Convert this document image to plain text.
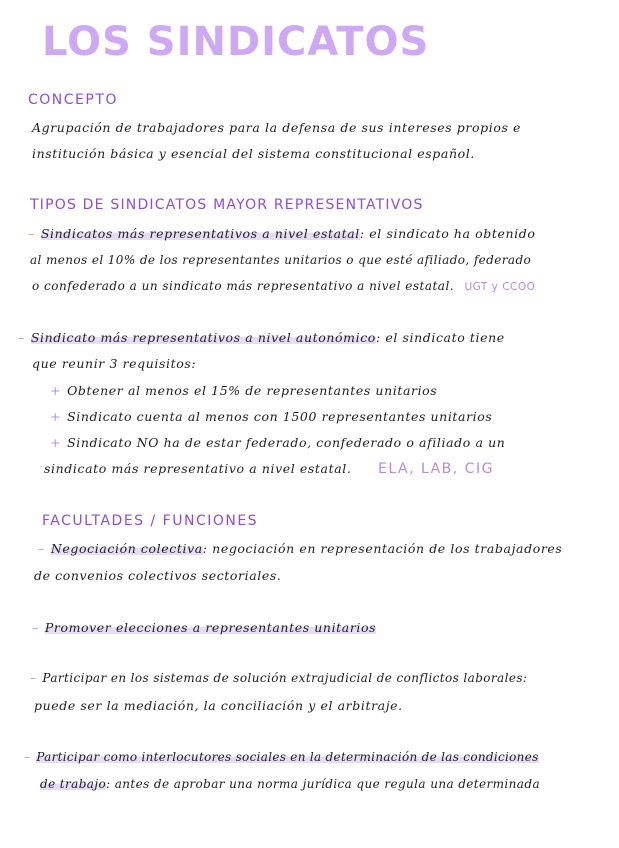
LOS SINDICATOS
CONCEPTO
Agrupación de trabajadores para la defensa de sus intereses propios e
institución básica y esencial del sistema constitucional español.
TIPOS DE SINDICATOS MAYOR REPRESENTATIVOS
– Sindicatos más representativos a nivel estatal: el sindicato ha obtenido
al menos el 10% de los representantes unitarios o que esté afiliado, federado
o confederado a un sindicato más representativo a nivel estatal. UGT y CCOO
– Sindicato más representativos a nivel autonómico: el sindicato tiene
que reunir 3 requisitos:
+ Obtener al menos el 15% de representantes unitarios
+ Sindicato cuenta al menos con 1500 representantes unitarios
+ Sindicato NO ha de estar federado, confederado o afiliado a un
sindicato más representativo a nivel estatal. ELA, LAB, CIG
FACULTADES / FUNCIONES
– Negociación colectiva: negociación en representación de los trabajadores
de convenios colectivos sectoriales.
– Promover elecciones a representantes unitarios
– Participar en los sistemas de solución extrajudicial de conflictos laborales:
puede ser la mediación, la conciliación y el arbitraje.
– Participar como interlocutores sociales en la determinación de las condiciones
de trabajo: antes de aprobar una norma jurídica que regula una determinada
